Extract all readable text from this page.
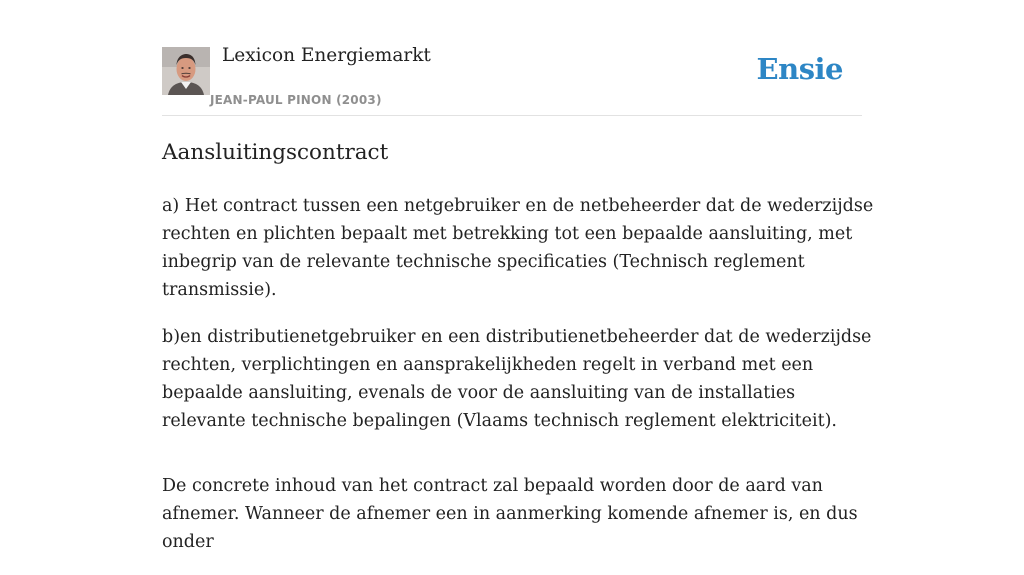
Lexicon Energiemarkt
JEAN-PAUL PINON (2003)
Ensie
Aansluitingscontract

a) Het contract tussen een netgebruiker en de netbeheerder dat de wederzijdse rechten en plichten bepaalt met betrekking tot een bepaalde aansluiting, met inbegrip van de relevante technische specificaties (Technisch reglement transmissie).

b)en distributienetgebruiker en een distributienetbeheerder dat de wederzijdse rechten, verplichtingen en aansprakelijkheden regelt in verband met een bepaalde aansluiting, evenals de voor de aansluiting van de installaties relevante technische bepalingen (Vlaams technisch reglement elektriciteit).

De concrete inhoud van het contract zal bepaald worden door de aard van afnemer. Wanneer de afnemer een in aanmerking komende afnemer is, en dus onder
